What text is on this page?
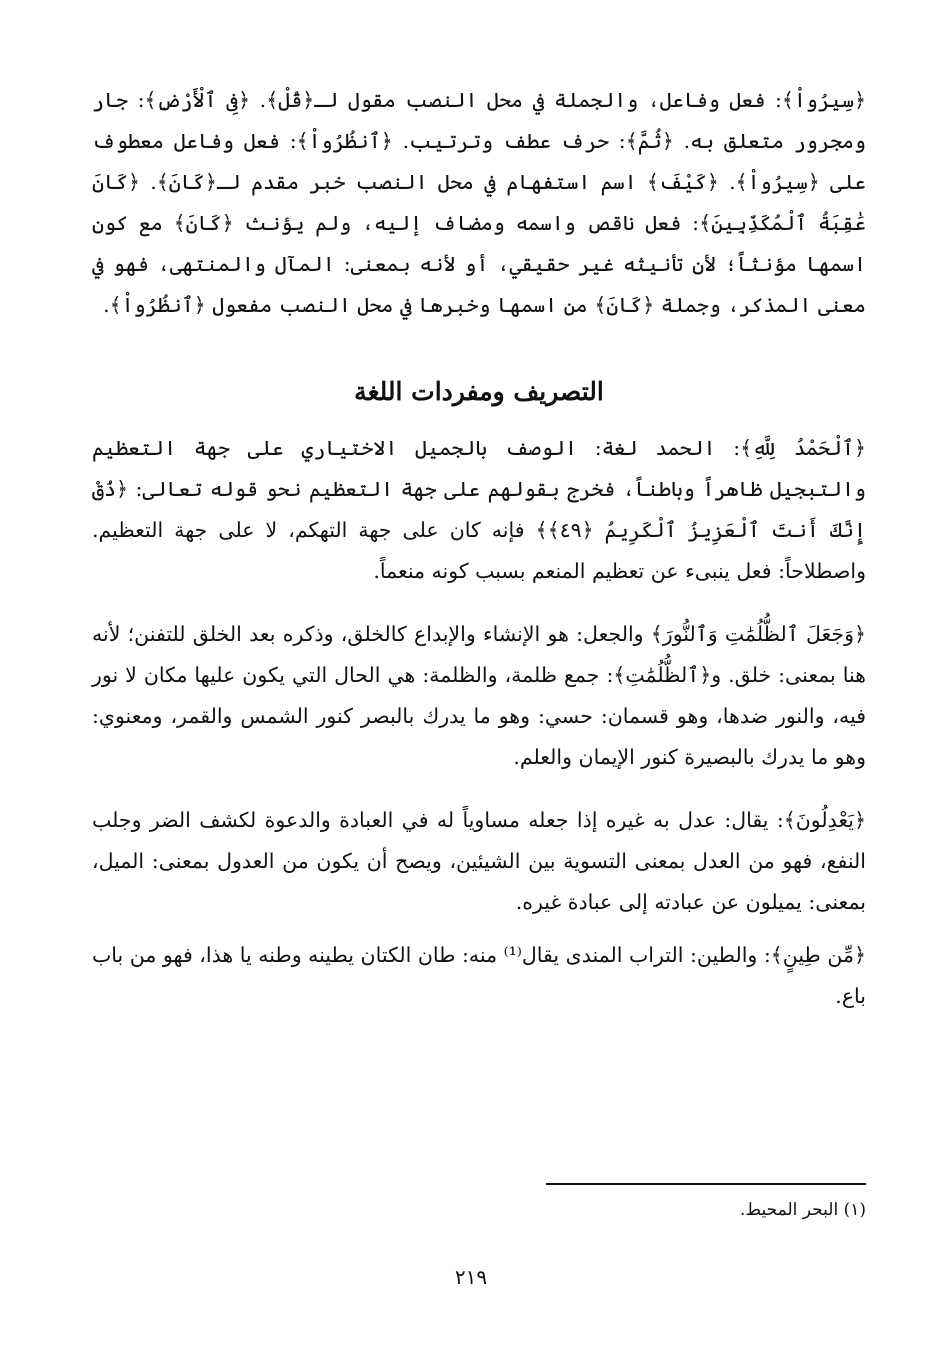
﴿سِيرُواْ﴾: فعل وفاعل، والجملة في محل النصب مقول لـ﴿قُلْ﴾. ﴿فِى ٱلْأَرْضِ﴾: جار ومجرور متعلق به. ﴿ثُمَّ﴾: حرف عطف وترتيب. ﴿ٱنظُرُواْ﴾: فعل وفاعل معطوف على ﴿سِيرُواْ﴾. ﴿كَيْفَ﴾ اسم استفهام في محل النصب خبر مقدم لـ﴿كَانَ﴾. ﴿كَانَ عَٰقِبَةُ ٱلْمُكَذِّبِينَ﴾: فعل ناقص واسمه ومضاف إليه، ولم يؤنث ﴿كَانَ﴾ مع كون اسمها مؤنثاً؛ لأن تأنيثه غير حقيقي، أو لأنه بمعنى: المآل والمنتهى، فهو في معنى المذكر، وجملة ﴿كَانَ﴾ من اسمها وخبرها في محل النصب مفعول ﴿ٱنظُرُواْ﴾.

التصريف ومفردات اللغة

﴿ٱلْحَمْدُ لِلَّهِ﴾: الحمد لغة: الوصف بالجميل الاختياري على جهة التعظيم والتبجيل ظاهراً وباطناً، فخرج بقولهم على جهة التعظيم نحو قوله تعالى: ﴿ذُقْ إِنَّكَ أَنتَ ٱلْعَزِيزُ ٱلْكَرِيمُ ﴿٤٩﴾﴾ فإنه كان على جهة التهكم، لا على جهة التعظيم. واصطلاحاً: فعل ينبىء عن تعظيم المنعم بسبب كونه منعماً.

﴿وَجَعَلَ ٱلظُّلُمَٰتِ وَٱلنُّورَ﴾ والجعل: هو الإنشاء والإبداع كالخلق، وذكره بعد الخلق للتفنن؛ لأنه هنا بمعنى: خلق. و﴿ٱلظُّلُمَٰتِ﴾: جمع ظلمة، والظلمة: هي الحال التي يكون عليها مكان لا نور فيه، والنور ضدها، وهو قسمان: حسي: وهو ما يدرك بالبصر كنور الشمس والقمر، ومعنوي: وهو ما يدرك بالبصيرة كنور الإيمان والعلم.

﴿يَعْدِلُونَ﴾: يقال: عدل به غيره إذا جعله مساوياً له في العبادة والدعوة لكشف الضر وجلب النفع، فهو من العدل بمعنى التسوية بين الشيئين، ويصح أن يكون من العدول بمعنى: الميل، بمعنى: يميلون عن عبادته إلى عبادة غيره.

﴿مِّن طِينٍ﴾: والطين: التراب المندى يقال⁽¹⁾ منه: طان الكتان يطينه وطنه يا هذا، فهو من باب باع.

(١) البحر المحيط.
٢١٩
